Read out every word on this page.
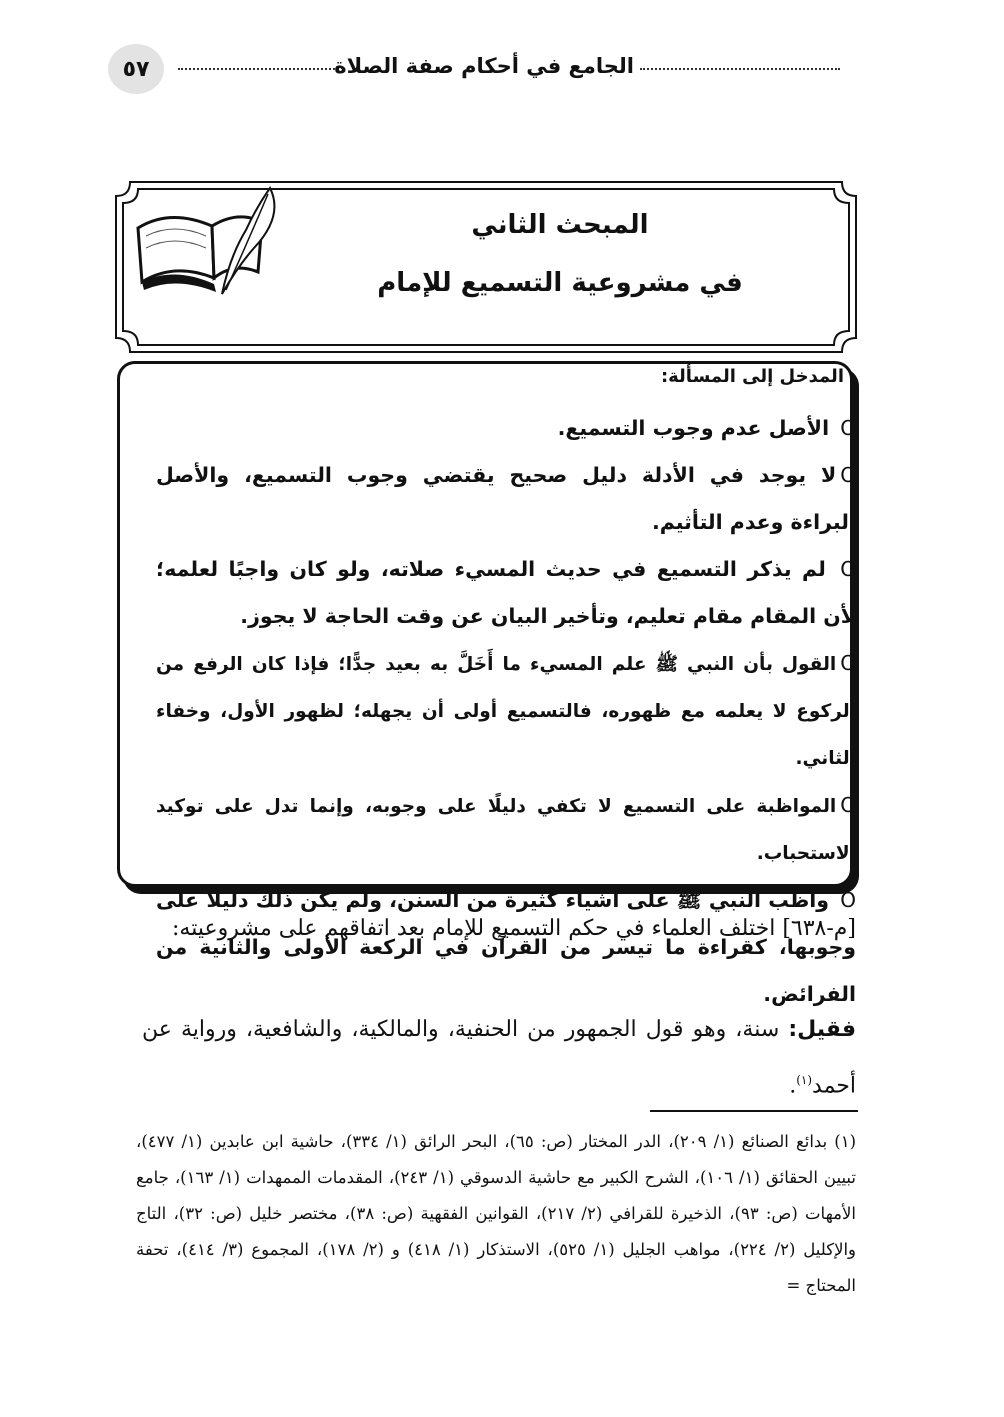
٥٧	الجامع في أحكام صفة الصلاة
المبحث الثاني
في مشروعية التسميع للإمام
المدخل إلى المسألة:
O الأصل عدم وجوب التسميع.
Oلا يوجد في الأدلة دليل صحيح يقتضي وجوب التسميع، والأصل البراءة وعدم التأثيم.
O لم يذكر التسميع في حديث المسيء صلاته، ولو كان واجبًا لعلمه؛ لأن المقام مقام تعليم، وتأخير البيان عن وقت الحاجة لا يجوز.
Oالقول بأن النبي ﷺ علم المسيء ما أَخَلَّ به بعيد جدًّا؛ فإذا كان الرفع من الركوع لا يعلمه مع ظهوره، فالتسميع أولى أن يجهله؛ لظهور الأول، وخفاء الثاني.
Oالمواظبة على التسميع لا تكفي دليلًا على وجوبه، وإنما تدل على توكيد الاستحباب.
O واظب النبي ﷺ على أشياء كثيرة من السنن، ولم يكن ذلك دليلًا على وجوبها، كقراءة ما تيسر من القرآن في الركعة الأولى والثانية من الفرائض.

[م-٦٣٨] اختلف العلماء في حكم التسميع للإمام بعد اتفاقهم على مشروعيته:

فقيل: سنة، وهو قول الجمهور من الحنفية، والمالكية، والشافعية، ورواية عن أحمد$^{(١)}$.

(١) بدائع الصنائع (١/ ٢٠٩)، الدر المختار (ص: ٦٥)، البحر الرائق (١/ ٣٣٤)، حاشية ابن عابدين (١/ ٤٧٧)، تبيين الحقائق (١/ ١٠٦)، الشرح الكبير مع حاشية الدسوقي (١/ ٢٤٣)، المقدمات الممهدات (١/ ١٦٣)، جامع الأمهات (ص: ٩٣)، الذخيرة للقرافي (٢/ ٢١٧)، القوانين الفقهية (ص: ٣٨)، مختصر خليل (ص: ٣٢)، التاج والإكليل (٢/ ٢٢٤)، مواهب الجليل (١/ ٥٢٥)، الاستذكار (١/ ٤١٨) و (٢/ ١٧٨)، المجموع (٣/ ٤١٤)، تحفة المحتاج =
